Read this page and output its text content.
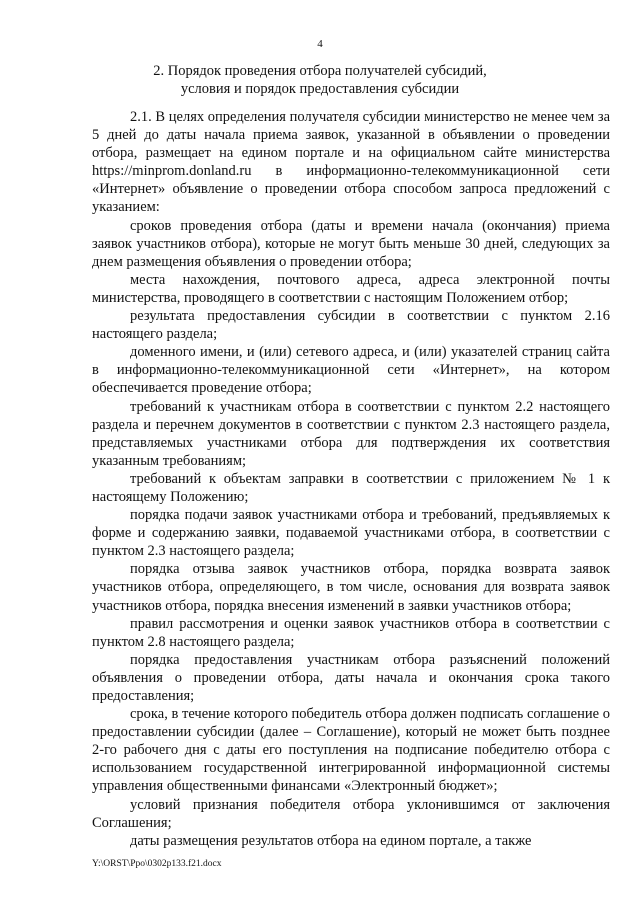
4
2. Порядок проведения отбора получателей субсидий,
условия и порядок предоставления субсидии

2.1. В целях определения получателя субсидии министерство не менее чем за 5 дней до даты начала приема заявок, указанной в объявлении о проведении отбора, размещает на едином портале и на официальном сайте министерства https://minprom.donland.ru в информационно-телекоммуникационной сети «Интернет» объявление о проведении отбора способом запроса предложений с указанием:

сроков проведения отбора (даты и времени начала (окончания) приема заявок участников отбора), которые не могут быть меньше 30 дней, следующих за днем размещения объявления о проведении отбора;

места нахождения, почтового адреса, адреса электронной почты министерства, проводящего в соответствии с настоящим Положением отбор;

результата предоставления субсидии в соответствии с пунктом 2.16 настоящего раздела;

доменного имени, и (или) сетевого адреса, и (или) указателей страниц сайта в информационно-телекоммуникационной сети «Интернет», на котором обеспечивается проведение отбора;

требований к участникам отбора в соответствии с пунктом 2.2 настоящего раздела и перечнем документов в соответствии с пунктом 2.3 настоящего раздела, представляемых участниками отбора для подтверждения их соответствия указанным требованиям;

требований к объектам заправки в соответствии с приложением № 1 к настоящему Положению;

порядка подачи заявок участниками отбора и требований, предъявляемых к форме и содержанию заявки, подаваемой участниками отбора, в соответствии с пунктом 2.3 настоящего раздела;

порядка отзыва заявок участников отбора, порядка возврата заявок участников отбора, определяющего, в том числе, основания для возврата заявок участников отбора, порядка внесения изменений в заявки участников отбора;

правил рассмотрения и оценки заявок участников отбора в соответствии с пунктом 2.8 настоящего раздела;

порядка предоставления участникам отбора разъяснений положений объявления о проведении отбора, даты начала и окончания срока такого предоставления;

срока, в течение которого победитель отбора должен подписать соглашение о предоставлении субсидии (далее – Соглашение), который не может быть позднее 2-го рабочего дня с даты его поступления на подписание победителю отбора с использованием государственной интегрированной информационной системы управления общественными финансами «Электронный бюджет»;

условий признания победителя отбора уклонившимся от заключения Соглашения;

даты размещения результатов отбора на едином портале, а также

Y:\ORST\Ppo\0302p133.f21.docx
